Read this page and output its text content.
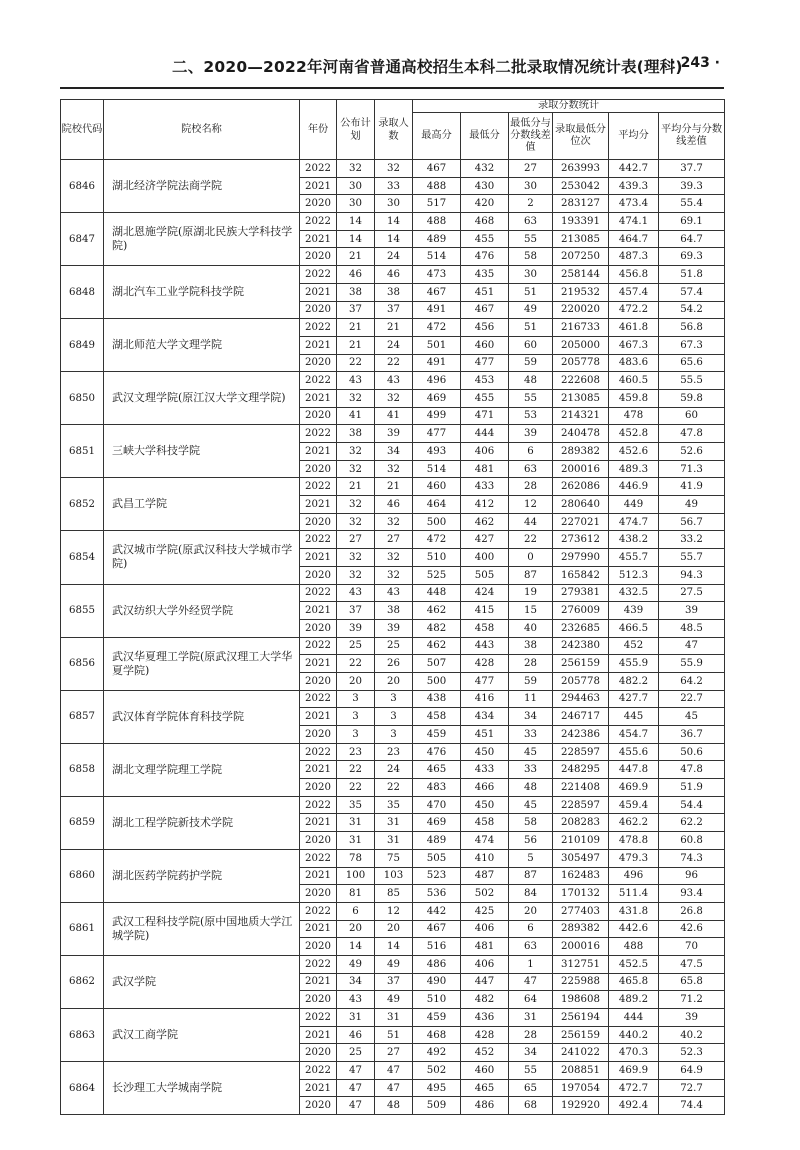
二、2020—2022年河南省普通高校招生本科二批录取情况统计表(理科)
· 243 ·
院校代码	院校名称	年份	公布计划	录取人数	录取分数统计					
					最高分	最低分	最低分与分数线差值	录取最低分位次	平均分	平均分与分数线差值
6846	湖北经济学院法商学院	2022	32	32	467	432	27	263993	442.7	37.7
		2021	30	33	488	430	30	253042	439.3	39.3
		2020	30	30	517	420	2	283127	473.4	55.4
6847	湖北恩施学院(原湖北民族大学科技学院)	2022	14	14	488	468	63	193391	474.1	69.1
		2021	14	14	489	455	55	213085	464.7	64.7
		2020	21	24	514	476	58	207250	487.3	69.3
6848	湖北汽车工业学院科技学院	2022	46	46	473	435	30	258144	456.8	51.8
		2021	38	38	467	451	51	219532	457.4	57.4
		2020	37	37	491	467	49	220020	472.2	54.2
6849	湖北师范大学文理学院	2022	21	21	472	456	51	216733	461.8	56.8
		2021	21	24	501	460	60	205000	467.3	67.3
		2020	22	22	491	477	59	205778	483.6	65.6
6850	武汉文理学院(原江汉大学文理学院)	2022	43	43	496	453	48	222608	460.5	55.5
		2021	32	32	469	455	55	213085	459.8	59.8
		2020	41	41	499	471	53	214321	478	60
6851	三峡大学科技学院	2022	38	39	477	444	39	240478	452.8	47.8
		2021	32	34	493	406	6	289382	452.6	52.6
		2020	32	32	514	481	63	200016	489.3	71.3
6852	武昌工学院	2022	21	21	460	433	28	262086	446.9	41.9
		2021	32	46	464	412	12	280640	449	49
		2020	32	32	500	462	44	227021	474.7	56.7
6854	武汉城市学院(原武汉科技大学城市学院)	2022	27	27	472	427	22	273612	438.2	33.2
		2021	32	32	510	400	0	297990	455.7	55.7
		2020	32	32	525	505	87	165842	512.3	94.3
6855	武汉纺织大学外经贸学院	2022	43	43	448	424	19	279381	432.5	27.5
		2021	37	38	462	415	15	276009	439	39
		2020	39	39	482	458	40	232685	466.5	48.5
6856	武汉华夏理工学院(原武汉理工大学华夏学院)	2022	25	25	462	443	38	242380	452	47
		2021	22	26	507	428	28	256159	455.9	55.9
		2020	20	20	500	477	59	205778	482.2	64.2
6857	武汉体育学院体育科技学院	2022	3	3	438	416	11	294463	427.7	22.7
		2021	3	3	458	434	34	246717	445	45
		2020	3	3	459	451	33	242386	454.7	36.7
6858	湖北文理学院理工学院	2022	23	23	476	450	45	228597	455.6	50.6
		2021	22	24	465	433	33	248295	447.8	47.8
		2020	22	22	483	466	48	221408	469.9	51.9
6859	湖北工程学院新技术学院	2022	35	35	470	450	45	228597	459.4	54.4
		2021	31	31	469	458	58	208283	462.2	62.2
		2020	31	31	489	474	56	210109	478.8	60.8
6860	湖北医药学院药护学院	2022	78	75	505	410	5	305497	479.3	74.3
		2021	100	103	523	487	87	162483	496	96
		2020	81	85	536	502	84	170132	511.4	93.4
6861	武汉工程科技学院(原中国地质大学江城学院)	2022	6	12	442	425	20	277403	431.8	26.8
		2021	20	20	467	406	6	289382	442.6	42.6
		2020	14	14	516	481	63	200016	488	70
6862	武汉学院	2022	49	49	486	406	1	312751	452.5	47.5
		2021	34	37	490	447	47	225988	465.8	65.8
		2020	43	49	510	482	64	198608	489.2	71.2
6863	武汉工商学院	2022	31	31	459	436	31	256194	444	39
		2021	46	51	468	428	28	256159	440.2	40.2
		2020	25	27	492	452	34	241022	470.3	52.3
6864	长沙理工大学城南学院	2022	47	47	502	460	55	208851	469.9	64.9
		2021	47	47	495	465	65	197054	472.7	72.7
		2020	47	48	509	486	68	192920	492.4	74.4
